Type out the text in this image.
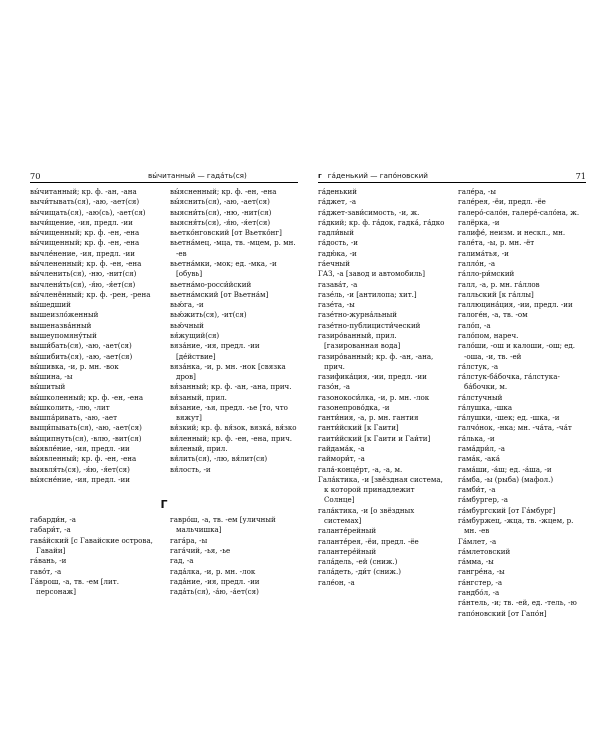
70	вы́читанный — гада́ть(ся)
вы́читанный; кр. ф. -ан, -ана
вычи́тывать(ся), -аю, -ает(ся)
вы́чищать(ся), -аю(сь), -ает(ся)
вычи́щение, -ия, предл. -ии
вы́чищенный; кр. ф. -ен, -ена
вы́чищенный; кр. ф. -ен, -ена
вычле́нение, -ия, предл. -ии
вы́члененный; кр. ф. -ен, -ена
вы́членить(ся), -ню, -нит(ся)
вычлени́ть(ся), -я́ю, -я́ет(ся)
вы́членённый; кр. ф. -рен, -рена
вы́шедший
вышеизло́женный
вышеназва́нный
вышеупомяну́тый
выши́бать(ся), -аю, -ает(ся)
вы́шибить(ся), -аю, -ает(ся)
вы́шивка, -и, р. мн. -вок
вы́шина, -ы
вы́шитый
вы́школенный; кр. ф. -ен, -ена
вы́школить, -лю, -лит
вышпа́ривать, -аю, -ает
выщи́пывать(ся), -аю, -ает(ся)
вы́щипнуть(ся), -влю, -вит(ся)
вы́явле́ние, -ия, предл. -ии
вы́явленный; кр. ф. -ен, -ена
выявля́ть(ся), -я́ю, -я́ет(ся)
вы́ясне́ние, -ия, предл. -ии
вы́ясненный; кр. ф. -ен, -ена
вы́яснить(ся), -аю, -ает(ся)
выясни́ть(ся), -ню, -нит(ся)
выясня́ть(ся), -я́ю, -я́ет(ся)
вьетко́нговский [от Вьетко́нг]
вьетна́мец, -мца, тв. -мцем, р. мн. -ев
вьетна́мки, -мок; ед. -мка, -и [обувь]
вьетна́мо-росси́йский
вьетна́мский [от Вьетна́м]
вью́га, -и
вью́жить(ся), -ит(ся)
вью́чный
вя́жущий(ся)
вяза́ние, -ия, предл. -ии [де́йствие]
вяза́нка, -и, р. мн. -нок [связка дров]
вя́занный; кр. ф. -ан, -ана, прич.
вя́заный, прил.
вя́зание, -ья, предл. -ье [то, что вяжут]
вя́зкий; кр. ф. вя́зок, вязка́, вя́зко
вя́ленный; кр. ф. -ен, -ена, прич.
вя́леный, прил.
вя́лить(ся), -лю, вя́лит(ся)
вя́лость, -и
Г
габарди́н, -а
габари́т, -а
гава́йский [с Гавайские острова, Гавайи]
га́вань, -и
гаво́т, -а
Га́врош, -а, тв. -ем [лит. персонаж]
гавро́ш, -а, тв. -ем [уличный мальчишка]
гага́ра, -ы
гага́чий, -ья, -ье
гад, -а
гада́лка, -и, р. мн. -лок
гада́ние, -ия, предл. -ии
гада́ть(ся), -а́ю, -а́ет(ся)
г га́денький — гапо́новский	71
га́денький
га́джет, -а
га́джет-зави́симость, -и, ж.
га́дкий; кр. ф. га́док, гадка́, га́дко
гадли́вый
га́дость, -и
гадю́ка, -и
га́ечный
ГАЗ, -а [завод и автомобиль]
газава́т, -а
газе́ль, -и [антилопа; хит.]
газе́та, -ы
газе́тно-журна́льный
газе́тно-публицисти́ческий
газиро́ванный, прил. [газированная вода]
газиро́ванный; кр. ф. -ан, -ана, прич.
газифика́ция, -ии, предл. -ии
газо́н, -а
газонокоси́лка, -и, р. мн. -лок
газонепрово́дка, -и
ганти́ния, -а, р. мн. гантия
ганти́йский [к Гаити]
гаити́йский [к Гаити и Гаи́ти]
гайдама́к, -а
гаймори́т, -а
гала́-конце́рт, -а, -а, м.
Гала́ктика, -и [звёздная система, к которой принадлежит Солнце]
гала́ктика, -и [о звёздных системах]
галанте́рейный
галанте́рея, -ёи, предл. -ёе
галантере́йный
гала́дель, -ей (сниж.)
гала́деть, -ди́т (сниж.)
гале́он, -а
гале́ра, -ы
гале́рея, -ёи, предл. -ёе
галеро́-сало́н, галере́-сало́на, ж.
галёрка, -и
галифе́, неизм. и нескл., мн.
гале́та, -ы, р. мн. -ёт
галима́тья, -и
галло́н, -а
га́лло-ри́мский
галл, -а, р. мн. га́ллов
галльский [к га́ллы]
галлюцина́ция, -ии, предл. -ии
галоге́н, -а, тв. -ом
гало́п, -а
гало́пом, нареч.
гало́ши, -ош и калоши, -ош; ед. -оша, -и, тв. -ей
га́лстук, -а
га́лстук-ба́бочка, га́лстука-ба́бочки, м.
га́лстучный
га́лушка, -шка
га́лушки, -шек; ед. -шка, -и
галчо́нок, -нка; мн. -ча́та, -ча́т
га́лька, -и
гама́дри́л, -а
гама́к, -ака́
гама́ши, -а́ш; ед. -а́ша, -и
га́мба, -ы (рыба) (мафол.)
гамби́т, -а
га́мбургер, -а
га́мбургский [от Га́мбург]
га́мбуржец, -жца, тв. -жцем, р. мн. -ев
Га́млет, -а
га́млетовский
га́мма, -ы
гангре́на, -ы
га́нгстер, -а
гандбо́л, -а
га́нтель, -и; тв. -ей, ед. -тель, -ю
гапо́новский [от Гапо́н]
